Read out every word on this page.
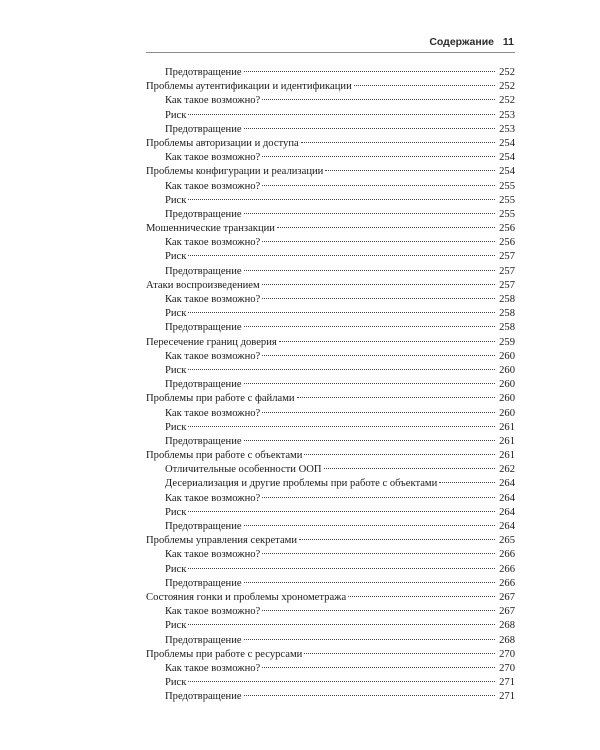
Содержание 11
Предотвращение	252
Проблемы аутентификации и идентификации	252
Как такое возможно?	252
Риск	253
Предотвращение	253
Проблемы авторизации и доступа	254
Как такое возможно?	254
Проблемы конфигурации и реализации	254
Как такое возможно?	255
Риск	255
Предотвращение	255
Мошеннические транзакции	256
Как такое возможно?	256
Риск	257
Предотвращение	257
Атаки воспроизведением	257
Как такое возможно?	258
Риск	258
Предотвращение	258
Пересечение границ доверия	259
Как такое возможно?	260
Риск	260
Предотвращение	260
Проблемы при работе с файлами	260
Как такое возможно?	260
Риск	261
Предотвращение	261
Проблемы при работе с объектами	261
Отличительные особенности ООП	262
Десериализация и другие проблемы при работе с объектами	264
Как такое возможно?	264
Риск	264
Предотвращение	264
Проблемы управления секретами	265
Как такое возможно?	266
Риск	266
Предотвращение	266
Состояния гонки и проблемы хронометража	267
Как такое возможно?	267
Риск	268
Предотвращение	268
Проблемы при работе с ресурсами	270
Как такое возможно?	270
Риск	271
Предотвращение	271
